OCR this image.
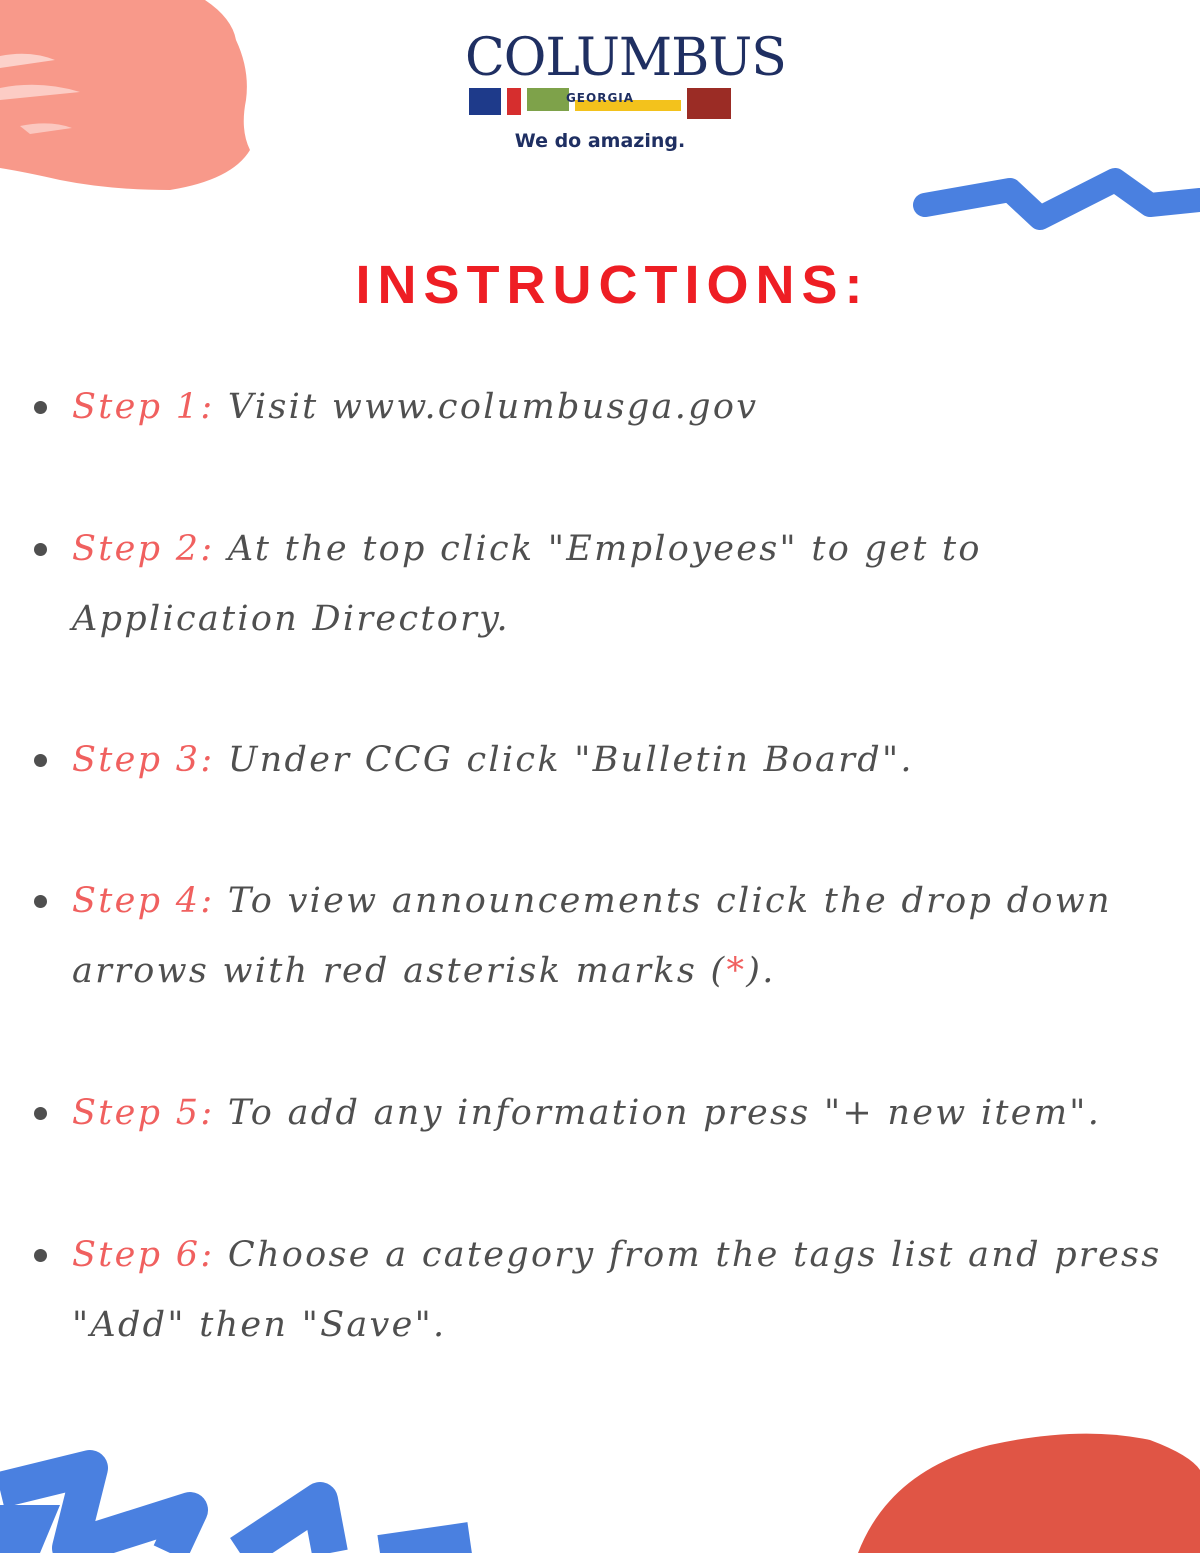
COLUMBUS
GEORGIA
We do amazing.
INSTRUCTIONS:
Step 1: Visit www.columbusga.gov
Step 2: At the top click "Employees" to get to Application Directory.
Step 3: Under CCG click "Bulletin Board".
Step 4: To view announcements click the drop down arrows with red asterisk marks (*).
Step 5: To add any information press "+ new item".
Step 6: Choose a category from the tags list and press "Add" then "Save".
